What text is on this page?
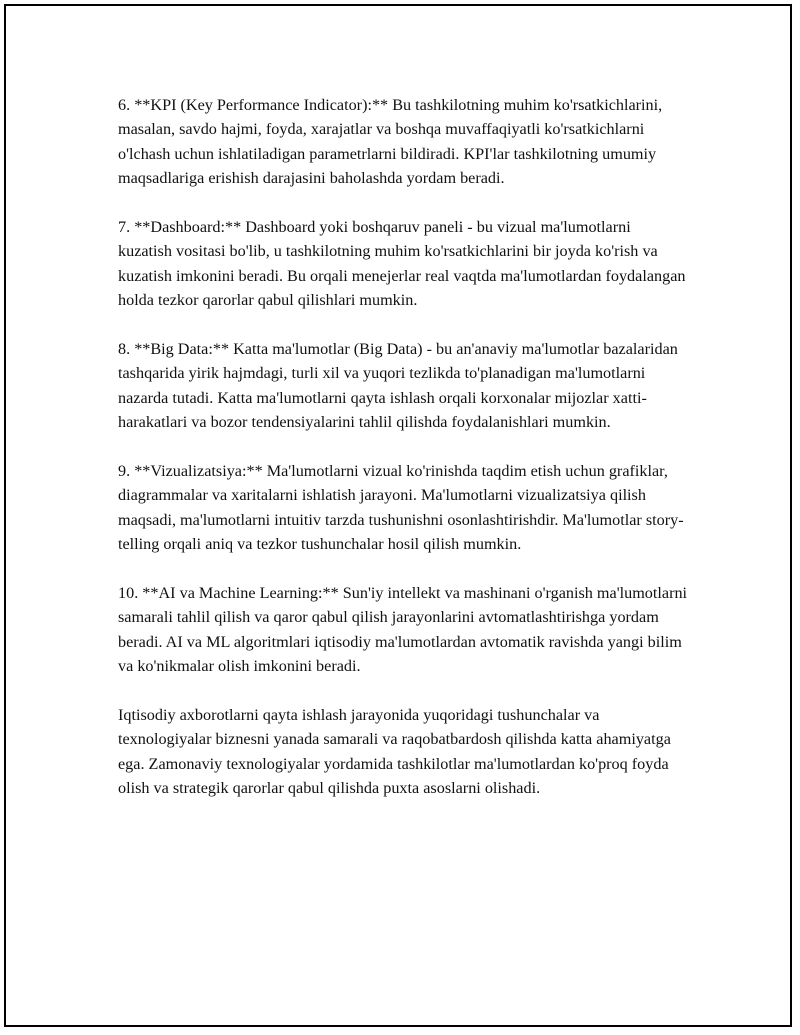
6. **KPI (Key Performance Indicator):** Bu tashkilotning muhim ko'rsatkichlarini, masalan, savdo hajmi, foyda, xarajatlar va boshqa muvaffaqiyatli ko'rsatkichlarni o'lchash uchun ishlatiladigan parametrlarni bildiradi. KPI'lar tashkilotning umumiy maqsadlariga erishish darajasini baholashda yordam beradi.

7. **Dashboard:** Dashboard yoki boshqaruv paneli - bu vizual ma'lumotlarni kuzatish vositasi bo'lib, u tashkilotning muhim ko'rsatkichlarini bir joyda ko'rish va kuzatish imkonini beradi. Bu orqali menejerlar real vaqtda ma'lumotlardan foydalangan holda tezkor qarorlar qabul qilishlari mumkin.

8. **Big Data:** Katta ma'lumotlar (Big Data) - bu an'anaviy ma'lumotlar bazalaridan tashqarida yirik hajmdagi, turli xil va yuqori tezlikda to'planadigan ma'lumotlarni nazarda tutadi. Katta ma'lumotlarni qayta ishlash orqali korxonalar mijozlar xatti-harakatlari va bozor tendensiyalarini tahlil qilishda foydalanishlari mumkin.

9. **Vizualizatsiya:** Ma'lumotlarni vizual ko'rinishda taqdim etish uchun grafiklar, diagrammalar va xaritalarni ishlatish jarayoni. Ma'lumotlarni vizualizatsiya qilish maqsadi, ma'lumotlarni intuitiv tarzda tushunishni osonlashtirishdir. Ma'lumotlar story-telling orqali aniq va tezkor tushunchalar hosil qilish mumkin.

10. **AI va Machine Learning:** Sun'iy intellekt va mashinani o'rganish ma'lumotlarni samarali tahlil qilish va qaror qabul qilish jarayonlarini avtomatlashtirishga yordam beradi. AI va ML algoritmlari iqtisodiy ma'lumotlardan avtomatik ravishda yangi bilim va ko'nikmalar olish imkonini beradi.

Iqtisodiy axborotlarni qayta ishlash jarayonida yuqoridagi tushunchalar va texnologiyalar biznesni yanada samarali va raqobatbardosh qilishda katta ahamiyatga ega. Zamonaviy texnologiyalar yordamida tashkilotlar ma'lumotlardan ko'proq foyda olish va strategik qarorlar qabul qilishda puxta asoslarni olishadi.
